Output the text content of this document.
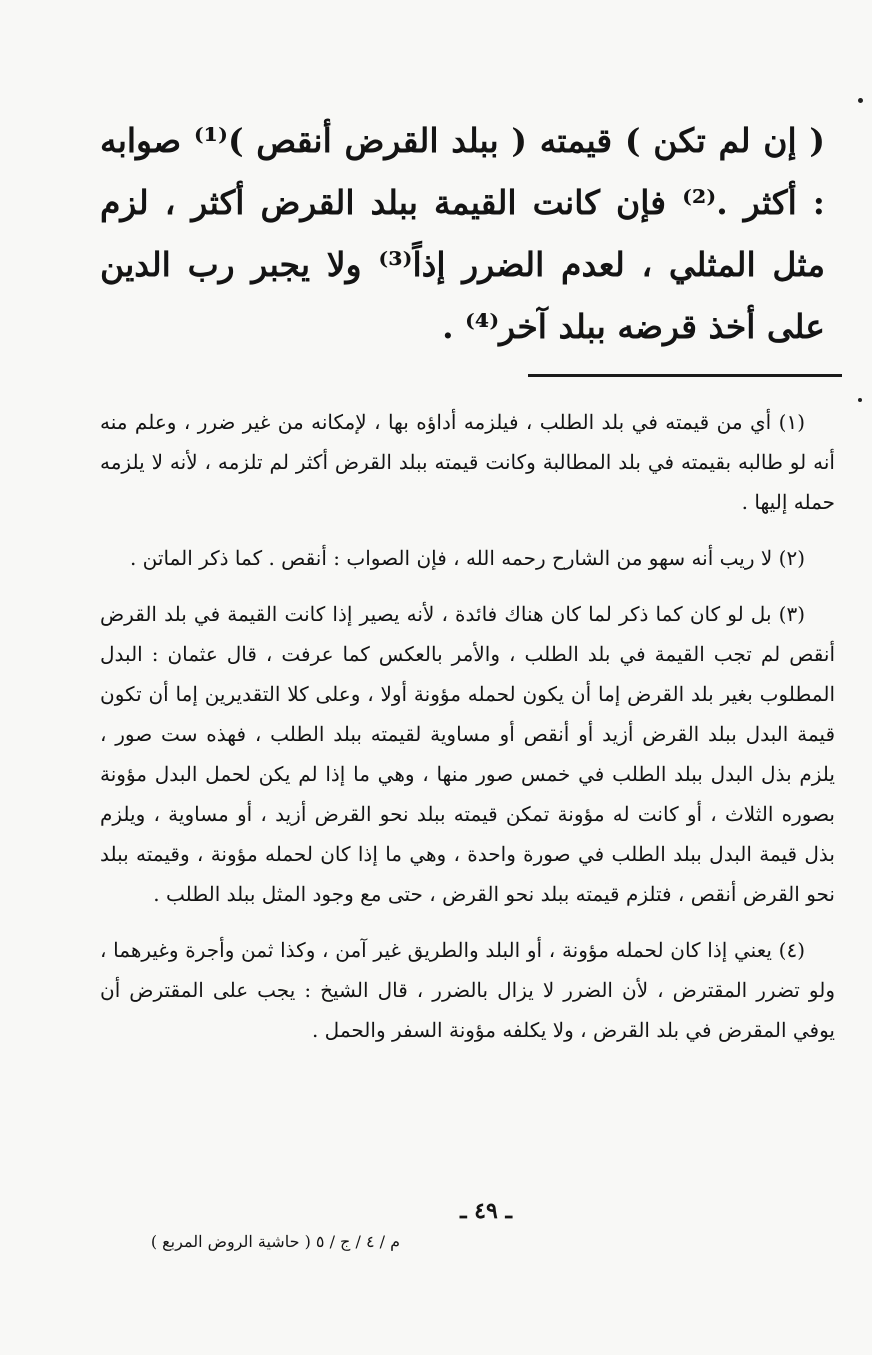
( إن لم تكن ) قيمته ( ببلد القرض أنقص )⁽¹⁾ صوابه : أكثر .⁽²⁾ فإن كانت القيمة ببلد القرض أكثر ، لزم مثل المثلي ، لعدم الضرر إذاً⁽³⁾ ولا يجبر رب الدين على أخذ قرضه ببلد آخر⁽⁴⁾ .

(١) أي من قيمته في بلد الطلب ، فيلزمه أداؤه بها ، لإمكانه من غير ضرر ، وعلم منه أنه لو طالبه بقيمته في بلد المطالبة وكانت قيمته ببلد القرض أكثر لم تلزمه ، لأنه لا يلزمه حمله إليها .

(٢) لا ريب أنه سهو من الشارح رحمه الله ، فإن الصواب : أنقص . كما ذكر الماتن .

(٣) بل لو كان كما ذكر لما كان هناك فائدة ، لأنه يصير إذا كانت القيمة في بلد القرض أنقص لم تجب القيمة في بلد الطلب ، والأمر بالعكس كما عرفت ، قال عثمان : البدل المطلوب بغير بلد القرض إما أن يكون لحمله مؤونة أولا ، وعلى كلا التقديرين إما أن تكون قيمة البدل ببلد القرض أزيد أو أنقص أو مساوية لقيمته ببلد الطلب ، فهذه ست صور ، يلزم بذل البدل ببلد الطلب في خمس صور منها ، وهي ما إذا لم يكن لحمل البدل مؤونة بصوره الثلاث ، أو كانت له مؤونة تمكن قيمته ببلد نحو القرض أزيد ، أو مساوية ، ويلزم بذل قيمة البدل ببلد الطلب في صورة واحدة ، وهي ما إذا كان لحمله مؤونة ، وقيمته ببلد نحو القرض أنقص ، فتلزم قيمته ببلد نحو القرض ، حتى مع وجود المثل ببلد الطلب .

(٤) يعني إذا كان لحمله مؤونة ، أو البلد والطريق غير آمن ، وكذا ثمن وأجرة وغيرهما ، ولو تضرر المقترض ، لأن الضرر لا يزال بالضرر ، قال الشيخ : يجب على المقترض أن يوفي المقرض في بلد القرض ، ولا يكلفه مؤونة السفر والحمل .

ـ ٤٩ ـ
م / ٤ / ج / ٥ ( حاشية الروض المربع )
